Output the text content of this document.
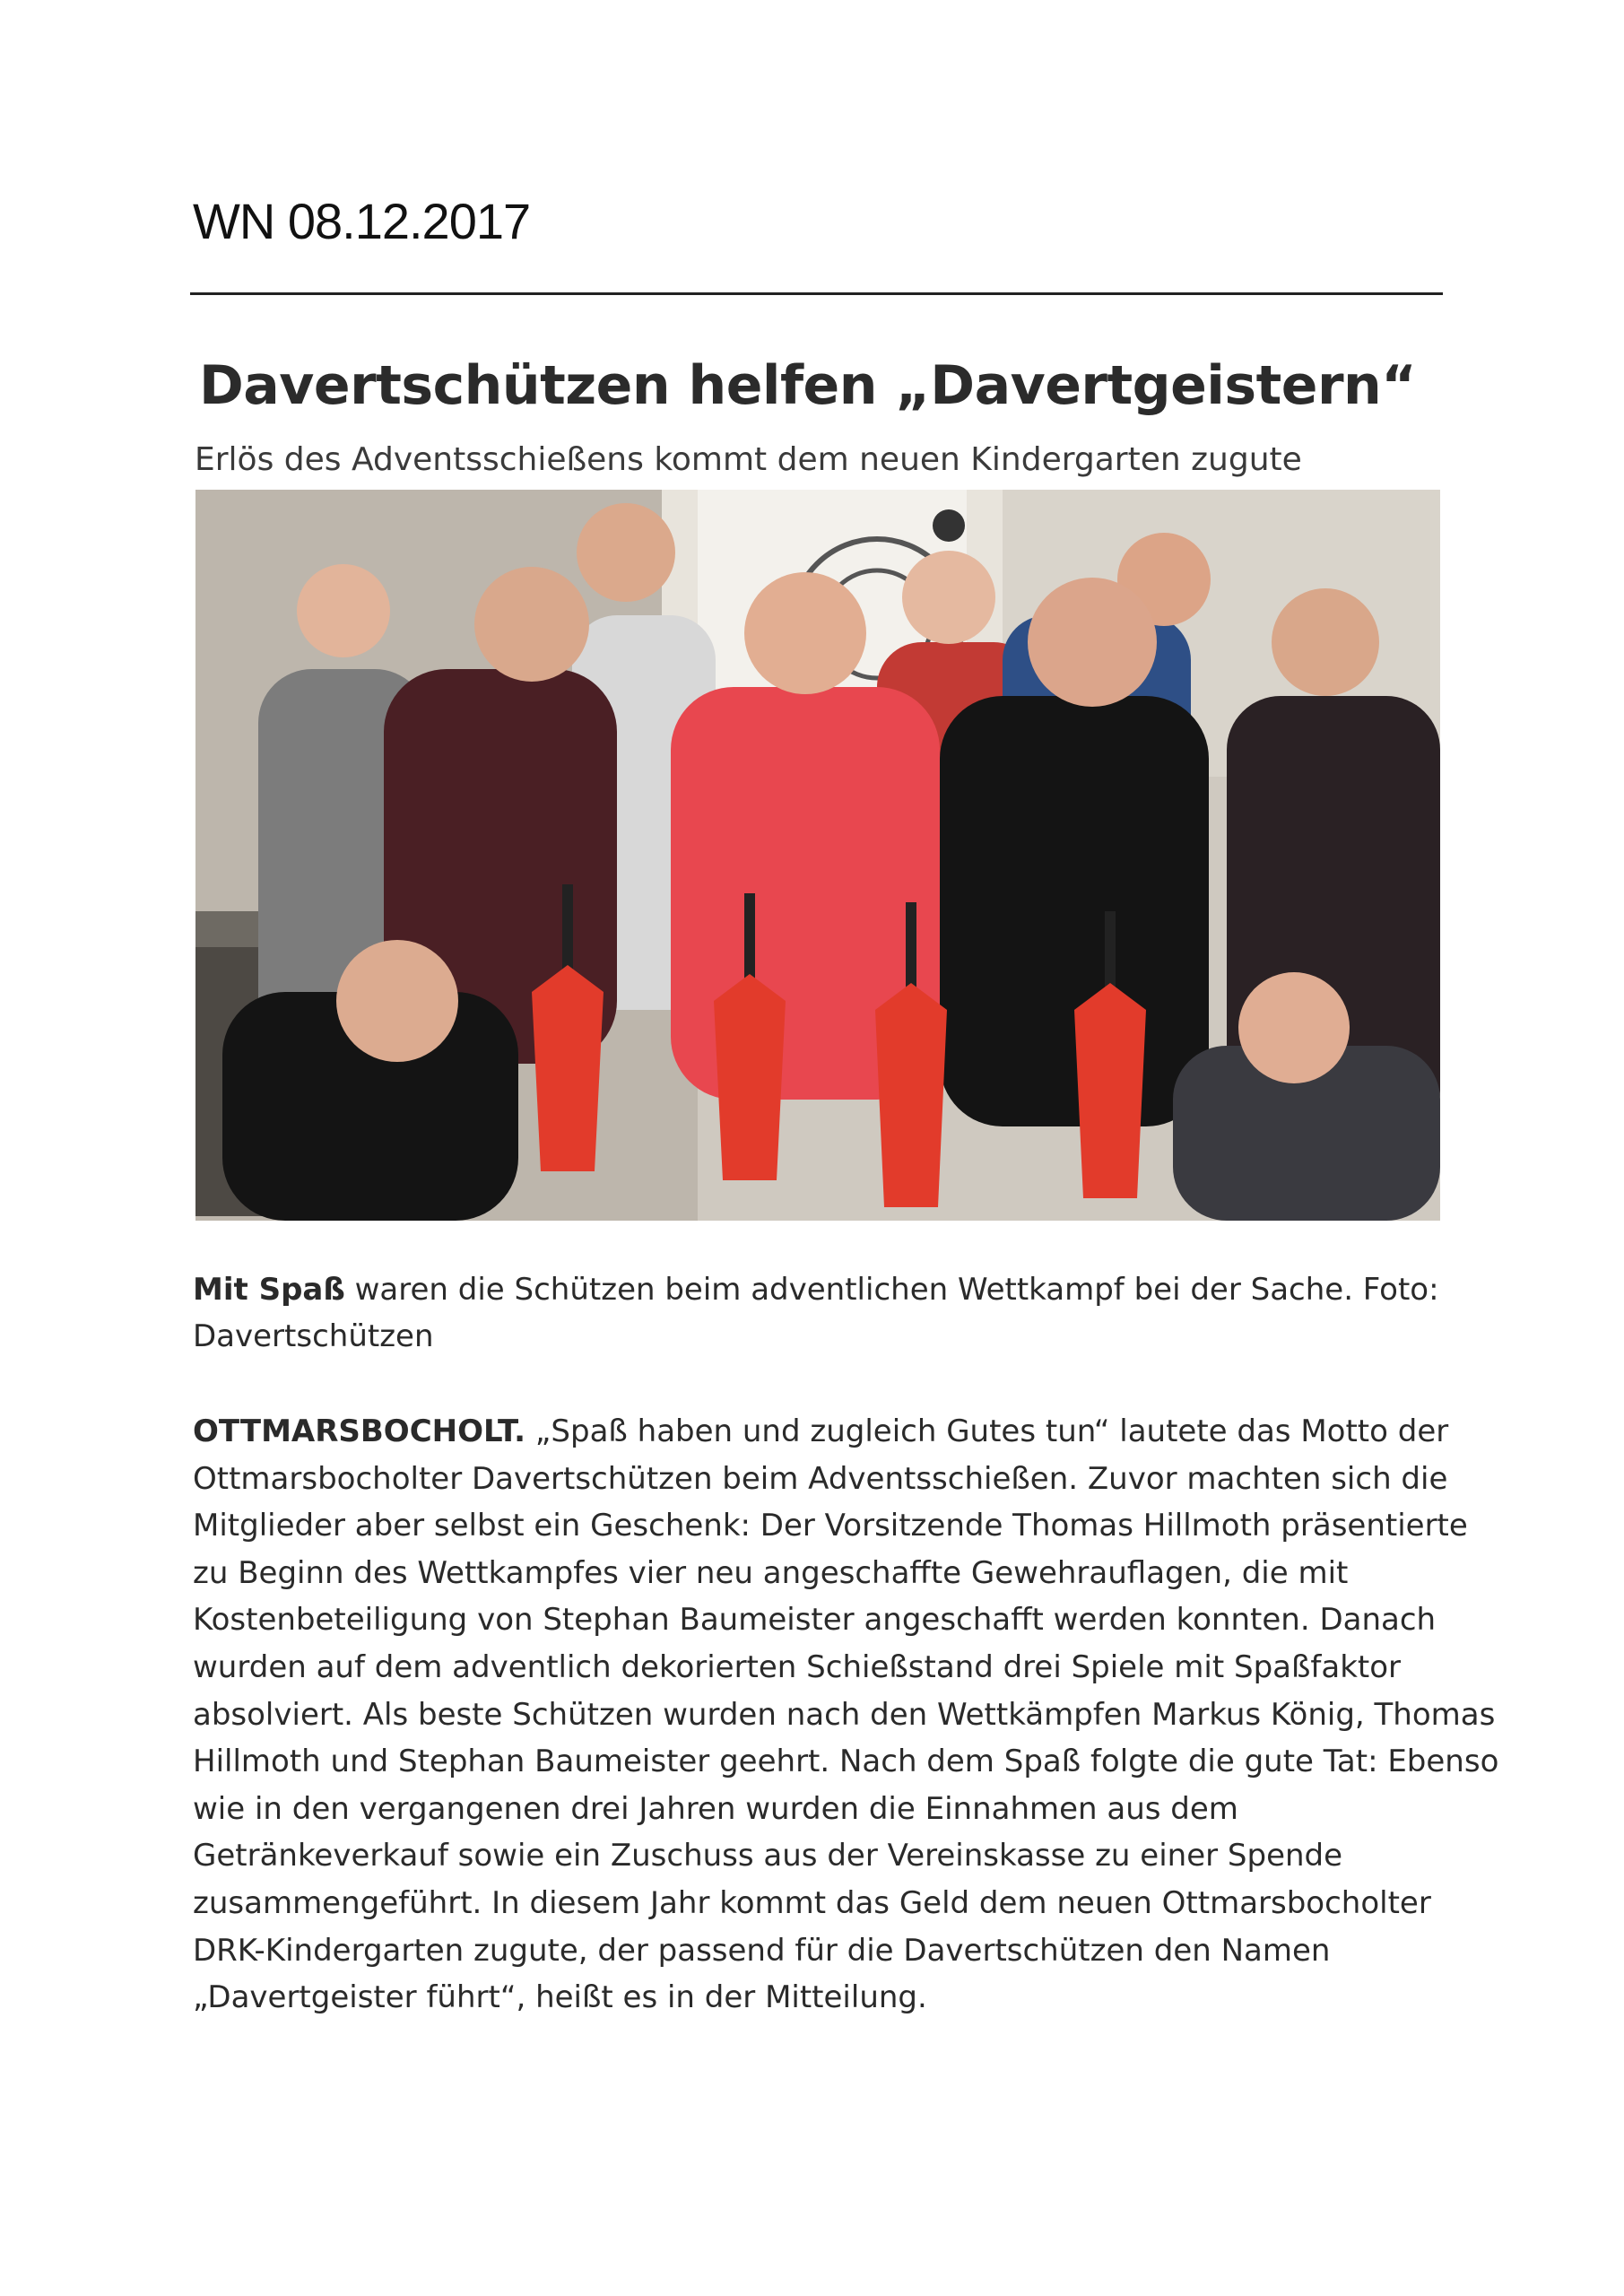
WN 08.12.2017
Davertschützen helfen „Davertgeistern“
Erlös des Adventsschießens kommt dem neuen Kindergarten zugute
Mit Spaß waren die Schützen beim adventlichen Wettkampf bei der Sache. Foto:
Davertschützen
OTTMARSBOCHOLT. „Spaß haben und zugleich Gutes tun“ lautete das Motto der
Ottmarsbocholter Davertschützen beim Adventsschießen. Zuvor machten sich die
Mitglieder aber selbst ein Geschenk: Der Vorsitzende Thomas Hillmoth präsentierte
zu Beginn des Wettkampfes vier neu angeschaffte Gewehrauflagen, die mit
Kostenbeteiligung von Stephan Baumeister angeschafft werden konnten. Danach
wurden auf dem adventlich dekorierten Schießstand drei Spiele mit Spaßfaktor
absolviert. Als beste Schützen wurden nach den Wettkämpfen Markus König, Thomas
Hillmoth und Stephan Baumeister geehrt. Nach dem Spaß folgte die gute Tat: Ebenso
wie in den vergangenen drei Jahren wurden die Einnahmen aus dem
Getränkeverkauf sowie ein Zuschuss aus der Vereinskasse zu einer Spende
zusammengeführt. In diesem Jahr kommt das Geld dem neuen Ottmarsbocholter
DRK-Kindergarten zugute, der passend für die Davertschützen den Namen
„Davertgeister führt“, heißt es in der Mitteilung.
